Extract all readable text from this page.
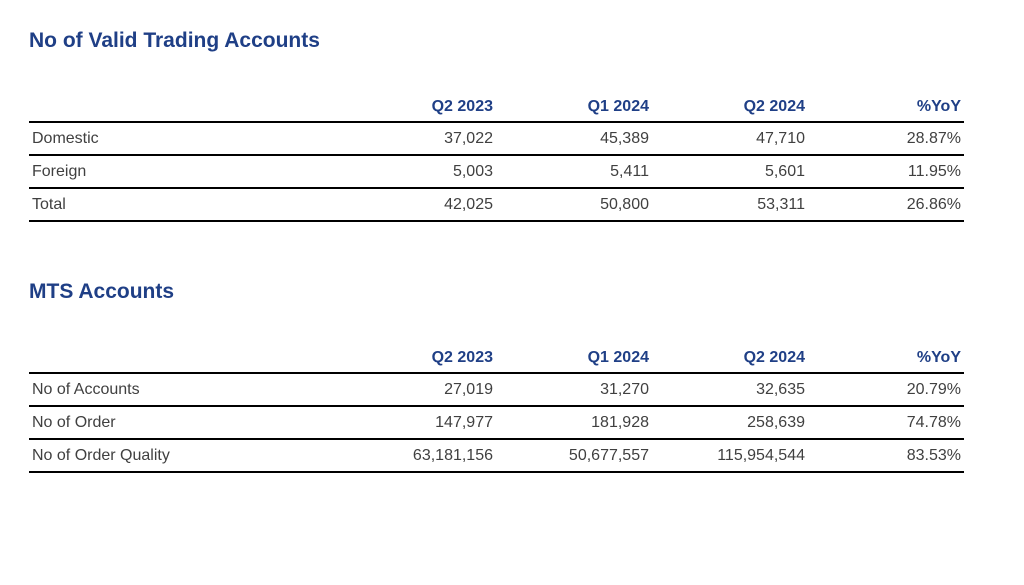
No of Valid Trading Accounts
	Q2 2023	Q1 2024	Q2 2024	%YoY
Domestic	37,022	45,389	47,710	28.87%
Foreign	5,003	5,411	5,601	11.95%
Total	42,025	50,800	53,311	26.86%
MTS Accounts
	Q2 2023	Q1 2024	Q2 2024	%YoY
No of Accounts	27,019	31,270	32,635	20.79%
No of Order	147,977	181,928	258,639	74.78%
No of Order Quality	63,181,156	50,677,557	115,954,544	83.53%
